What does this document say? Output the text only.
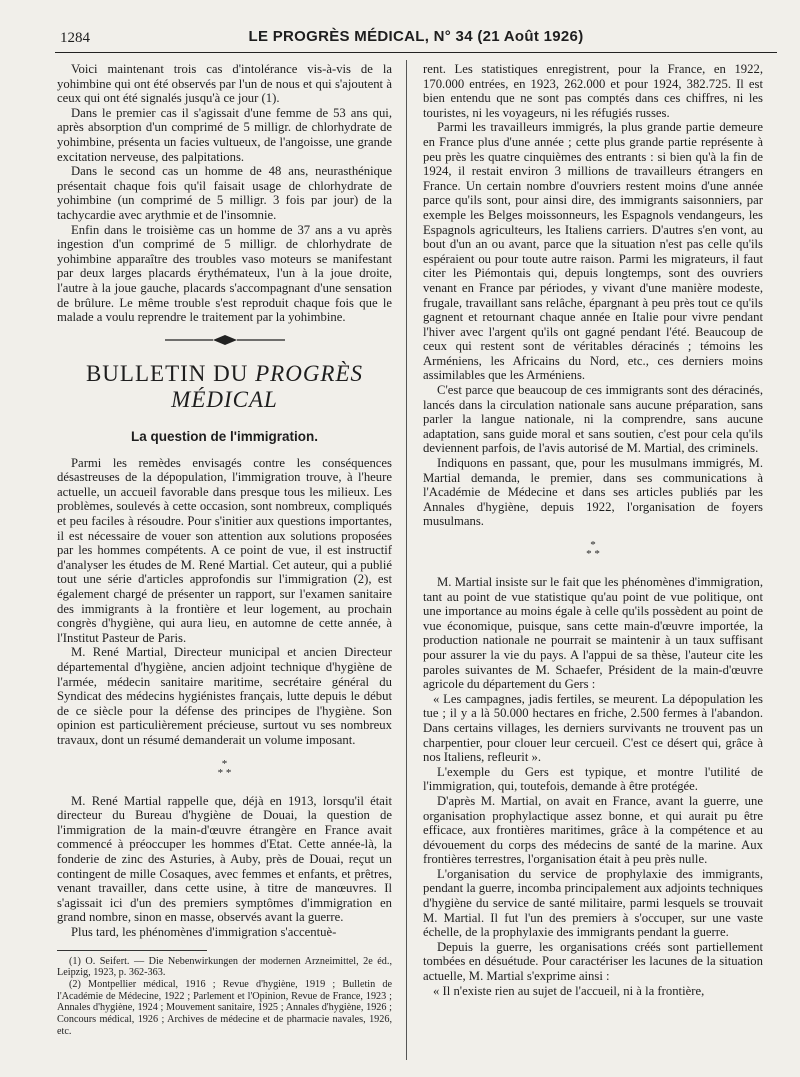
1284	LE PROGRÈS MÉDICAL, N° 34 (21 Août 1926)

Voici maintenant trois cas d'intolérance vis-à-vis de la yohimbine qui ont été observés par l'un de nous et qui s'ajoutent à ceux qui ont été signalés jusqu'à ce jour (1).

Dans le premier cas il s'agissait d'une femme de 53 ans qui, après absorption d'un comprimé de 5 milligr. de chlorhydrate de yohimbine, présenta un facies vultueux, de l'angoisse, une grande excitation nerveuse, des palpitations.

Dans le second cas un homme de 48 ans, neurasthénique présentait chaque fois qu'il faisait usage de chlorhydrate de yohimbine (un comprimé de 5 milligr. 3 fois par jour) de la tachycardie avec arythmie et de l'insomnie.

Enfin dans le troisième cas un homme de 37 ans a vu après ingestion d'un comprimé de 5 milligr. de chlorhydrate de yohimbine apparaître des troubles vaso moteurs se manifestant par deux larges placards érythémateux, l'un à la joue droite, l'autre à la joue gauche, placards s'accompagnant d'une sensation de brûlure. Le même trouble s'est reproduit chaque fois que le malade a voulu reprendre le traitement par la yohimbine.

BULLETIN DU PROGRÈS MÉDICAL
La question de l'immigration.

Parmi les remèdes envisagés contre les conséquences désastreuses de la dépopulation, l'immigration trouve, à l'heure actuelle, un accueil favorable dans presque tous les milieux. Les problèmes, soulevés à cette occasion, sont nombreux, compliqués et peu faciles à résoudre. Pour s'initier aux questions importantes, il est nécessaire de vouer son attention aux solutions proposées par les hommes compétents. A ce point de vue, il est instructif d'analyser les études de M. René Martial. Cet auteur, qui a publié tout une série d'articles approfondis sur l'immigration (2), est également chargé de présenter un rapport, sur l'examen sanitaire des immigrants à la frontière et leur logement, au prochain congrès d'hygiène, qui aura lieu, en automne de cette année, à l'Institut Pasteur de Paris.

M. René Martial, Directeur municipal et ancien Directeur départemental d'hygiène, ancien adjoint technique d'hygiène de l'armée, médecin sanitaire maritime, secrétaire général du Syndicat des médecins hygiénistes français, lutte depuis le début de ce siècle pour la défense des principes de l'hygiène. Son opinion est particulièrement précieuse, surtout vu ses nombreux travaux, dont un résumé demanderait un volume imposant.

*
* *

M. René Martial rappelle que, déjà en 1913, lorsqu'il était directeur du Bureau d'hygiène de Douai, la question de l'immigration de la main-d'œuvre étrangère en France avait commencé à préoccuper les hommes d'Etat. Cette année-là, la fonderie de zinc des Asturies, à Auby, près de Douai, reçut un contingent de mille Cosaques, avec femmes et enfants, et prêtres, venant travailler, dans cette usine, à titre de manœuvres. Il s'agissait ici d'un des premiers symptômes d'immigration en grand nombre, sinon en masse, observés avant la guerre.

Plus tard, les phénomènes d'immigration s'accentuè-

(1) O. Seifert. — Die Nebenwirkungen der modernen Arzneimittel, 2e éd., Leipzig, 1923, p. 362-363.

(2) Montpellier médical, 1916 ; Revue d'hygiène, 1919 ; Bulletin de l'Académie de Médecine, 1922 ; Parlement et l'Opinion, Revue de France, 1923 ; Annales d'hygiène, 1924 ; Mouvement sanitaire, 1925 ; Annales d'hygiène, 1926 ; Concours médical, 1926 ; Archives de médecine et de pharmacie navales, 1926, etc.

rent. Les statistiques enregistrent, pour la France, en 1922, 170.000 entrées, en 1923, 262.000 et pour 1924, 382.725. Il est bien entendu que ne sont pas comptés dans ces chiffres, ni les touristes, ni les voyageurs, ni les réfugiés russes.

Parmi les travailleurs immigrés, la plus grande partie demeure en France plus d'une année ; cette plus grande partie représente à peu près les quatre cinquièmes des entrants : si bien qu'à la fin de 1924, il restait environ 3 millions de travailleurs étrangers en France. Un certain nombre d'ouvriers restent moins d'une année parce qu'ils sont, pour ainsi dire, des immigrants saisonniers, par exemple les Belges moissonneurs, les Espagnols vendangeurs, les Espagnols agriculteurs, les Italiens carriers. D'autres s'en vont, au bout d'un an ou avant, parce que la situation n'est pas celle qu'ils espéraient ou pour toute autre raison. Parmi les migrateurs, il faut citer les Piémontais qui, depuis longtemps, sont des ouvriers venant en France par périodes, y vivant d'une manière modeste, frugale, travaillant sans relâche, épargnant à peu près tout ce qu'ils gagnent et retournant chaque année en Italie pour vivre pendant l'hiver avec l'argent qu'ils ont gagné pendant l'été. Beaucoup de ceux qui restent sont de véritables déracinés ; témoins les Arméniens, les Africains du Nord, etc., ces derniers moins assimilables que les Arméniens.

C'est parce que beaucoup de ces immigrants sont des déracinés, lancés dans la circulation nationale sans aucune préparation, sans parler la langue nationale, ni la comprendre, sans aucune adaptation, sans guide moral et sans soutien, c'est pour cela qu'ils deviennent parfois, de l'avis autorisé de M. Martial, des criminels.

Indiquons en passant, que, pour les musulmans immigrés, M. Martial demanda, le premier, dans ses communications à l'Académie de Médecine et dans ses articles publiés par les Annales d'hygiène, depuis 1922, l'organisation de foyers musulmans.

*
* *

M. Martial insiste sur le fait que les phénomènes d'immigration, tant au point de vue statistique qu'au point de vue politique, ont une importance au moins égale à celle qu'ils possèdent au point de vue économique, puisque, sans cette main-d'œuvre importée, la production nationale ne pourrait se maintenir à un taux suffisant pour assurer la vie du pays. A l'appui de sa thèse, l'auteur cite les paroles suivantes de M. Schaefer, Président de la main-d'œuvre agricole du département du Gers :

« Les campagnes, jadis fertiles, se meurent. La dépopulation les tue ; il y a là 50.000 hectares en friche, 2.500 fermes à l'abandon. Dans certains villages, les derniers survivants ne trouvent pas un charpentier, pour clouer leur cercueil. C'est ce désert qui, grâce à nos Italiens, refleurit ».

L'exemple du Gers est typique, et montre l'utilité de l'immigration, qui, toutefois, demande à être protégée.

D'après M. Martial, on avait en France, avant la guerre, une organisation prophylactique assez bonne, et qui aurait pu être efficace, aux frontières maritimes, grâce à la compétence et au dévouement du corps des médecins de santé de la marine. Aux frontières terrestres, l'organisation était à peu près nulle.

L'organisation du service de prophylaxie des immigrants, pendant la guerre, incomba principalement aux adjoints techniques d'hygiène du service de santé militaire, parmi lesquels se trouvait M. Martial. Il fut l'un des premiers à s'occuper, sur une vaste échelle, de la prophylaxie des immigrants pendant la guerre.

Depuis la guerre, les organisations créés sont partiellement tombées en désuétude. Pour caractériser les lacunes de la situation actuelle, M. Martial s'exprime ainsi :

« Il n'existe rien au sujet de l'accueil, ni à la frontière,
